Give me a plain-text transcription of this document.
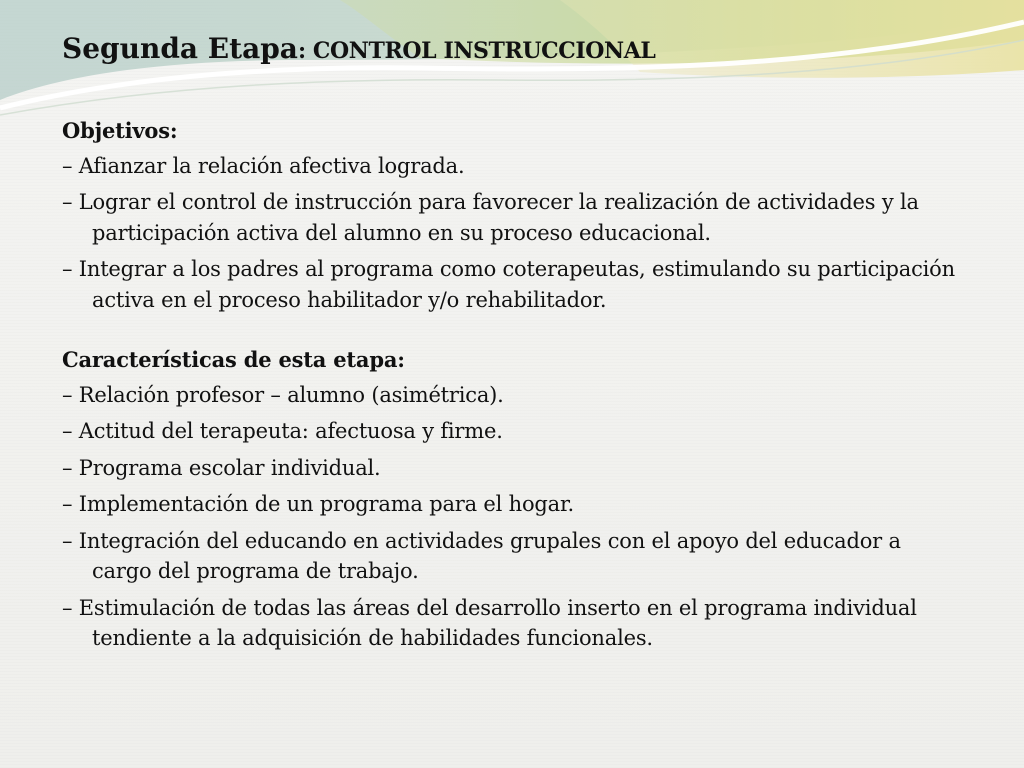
Segunda Etapa: CONTROL INSTRUCCIONAL
Objetivos:
– Afianzar la relación afectiva lograda.
– Lograr el control de instrucción para favorecer la realización de actividades y la participación activa del alumno en su proceso educacional.
– Integrar a los padres al programa como coterapeutas, estimulando su participación activa en el proceso habilitador y/o rehabilitador.
Características de esta etapa:
– Relación profesor – alumno (asimétrica).
– Actitud del terapeuta: afectuosa y firme.
– Programa escolar individual.
– Implementación de un programa para el hogar.
– Integración del educando en actividades grupales con el apoyo del educador a cargo del programa de trabajo.
– Estimulación de todas las áreas del desarrollo inserto en el programa individual tendiente a la adquisición de habilidades funcionales.
